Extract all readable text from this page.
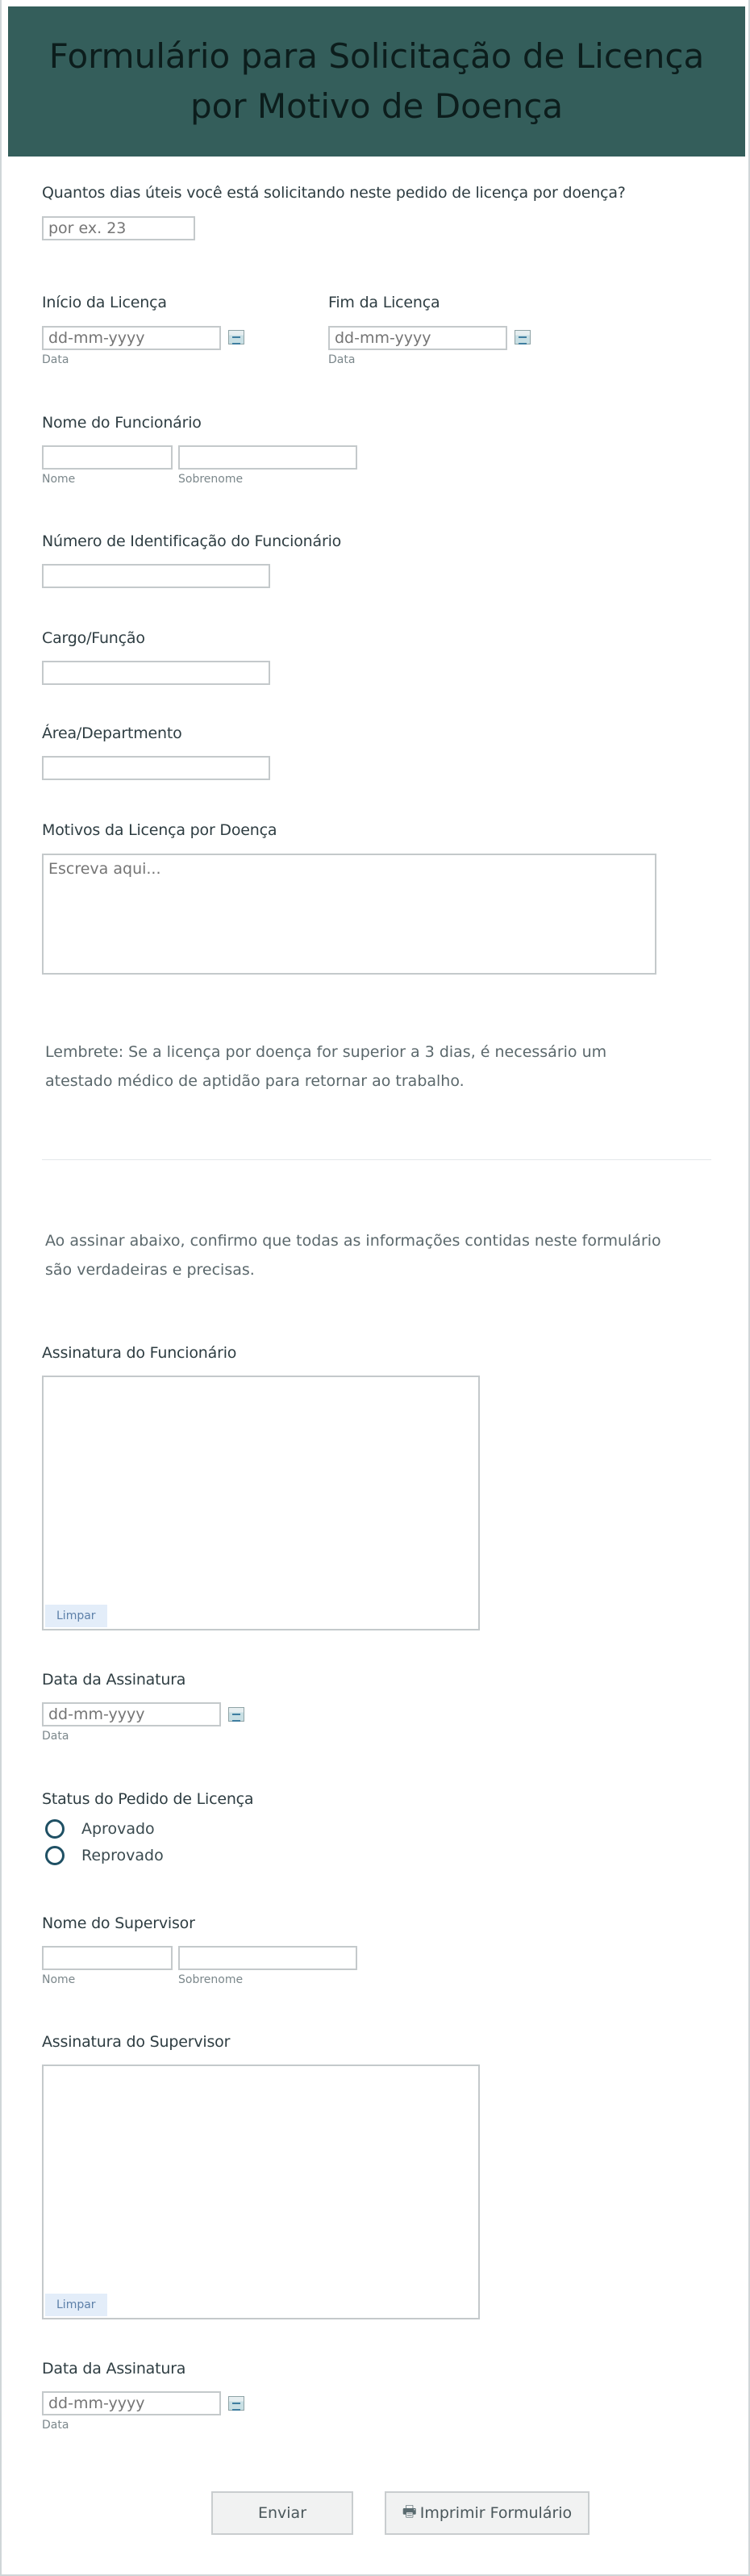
Formulário para Solicitação de Licença por Motivo de Doença
Quantos dias úteis você está solicitando neste pedido de licença por doença?
por ex. 23
Início da Licença
dd-mm-yyyy
Data
Fim da Licença
dd-mm-yyyy
Data
Nome do Funcionário
Nome	Sobrenome
Número de Identificação do Funcionário
Cargo/Função
Área/Departmento
Motivos da Licença por Doença
Escreva aqui...
Lembrete: Se a licença por doença for superior a 3 dias, é necessário um atestado médico de aptidão para retornar ao trabalho.
Ao assinar abaixo, confirmo que todas as informações contidas neste formulário são verdadeiras e precisas.
Assinatura do Funcionário
Limpar
Data da Assinatura
dd-mm-yyyy
Data
Status do Pedido de Licença
Aprovado
Reprovado
Nome do Supervisor
Nome	Sobrenome
Assinatura do Supervisor
Limpar
Data da Assinatura
dd-mm-yyyy
Data
Enviar	🖶 Imprimir Formulário
